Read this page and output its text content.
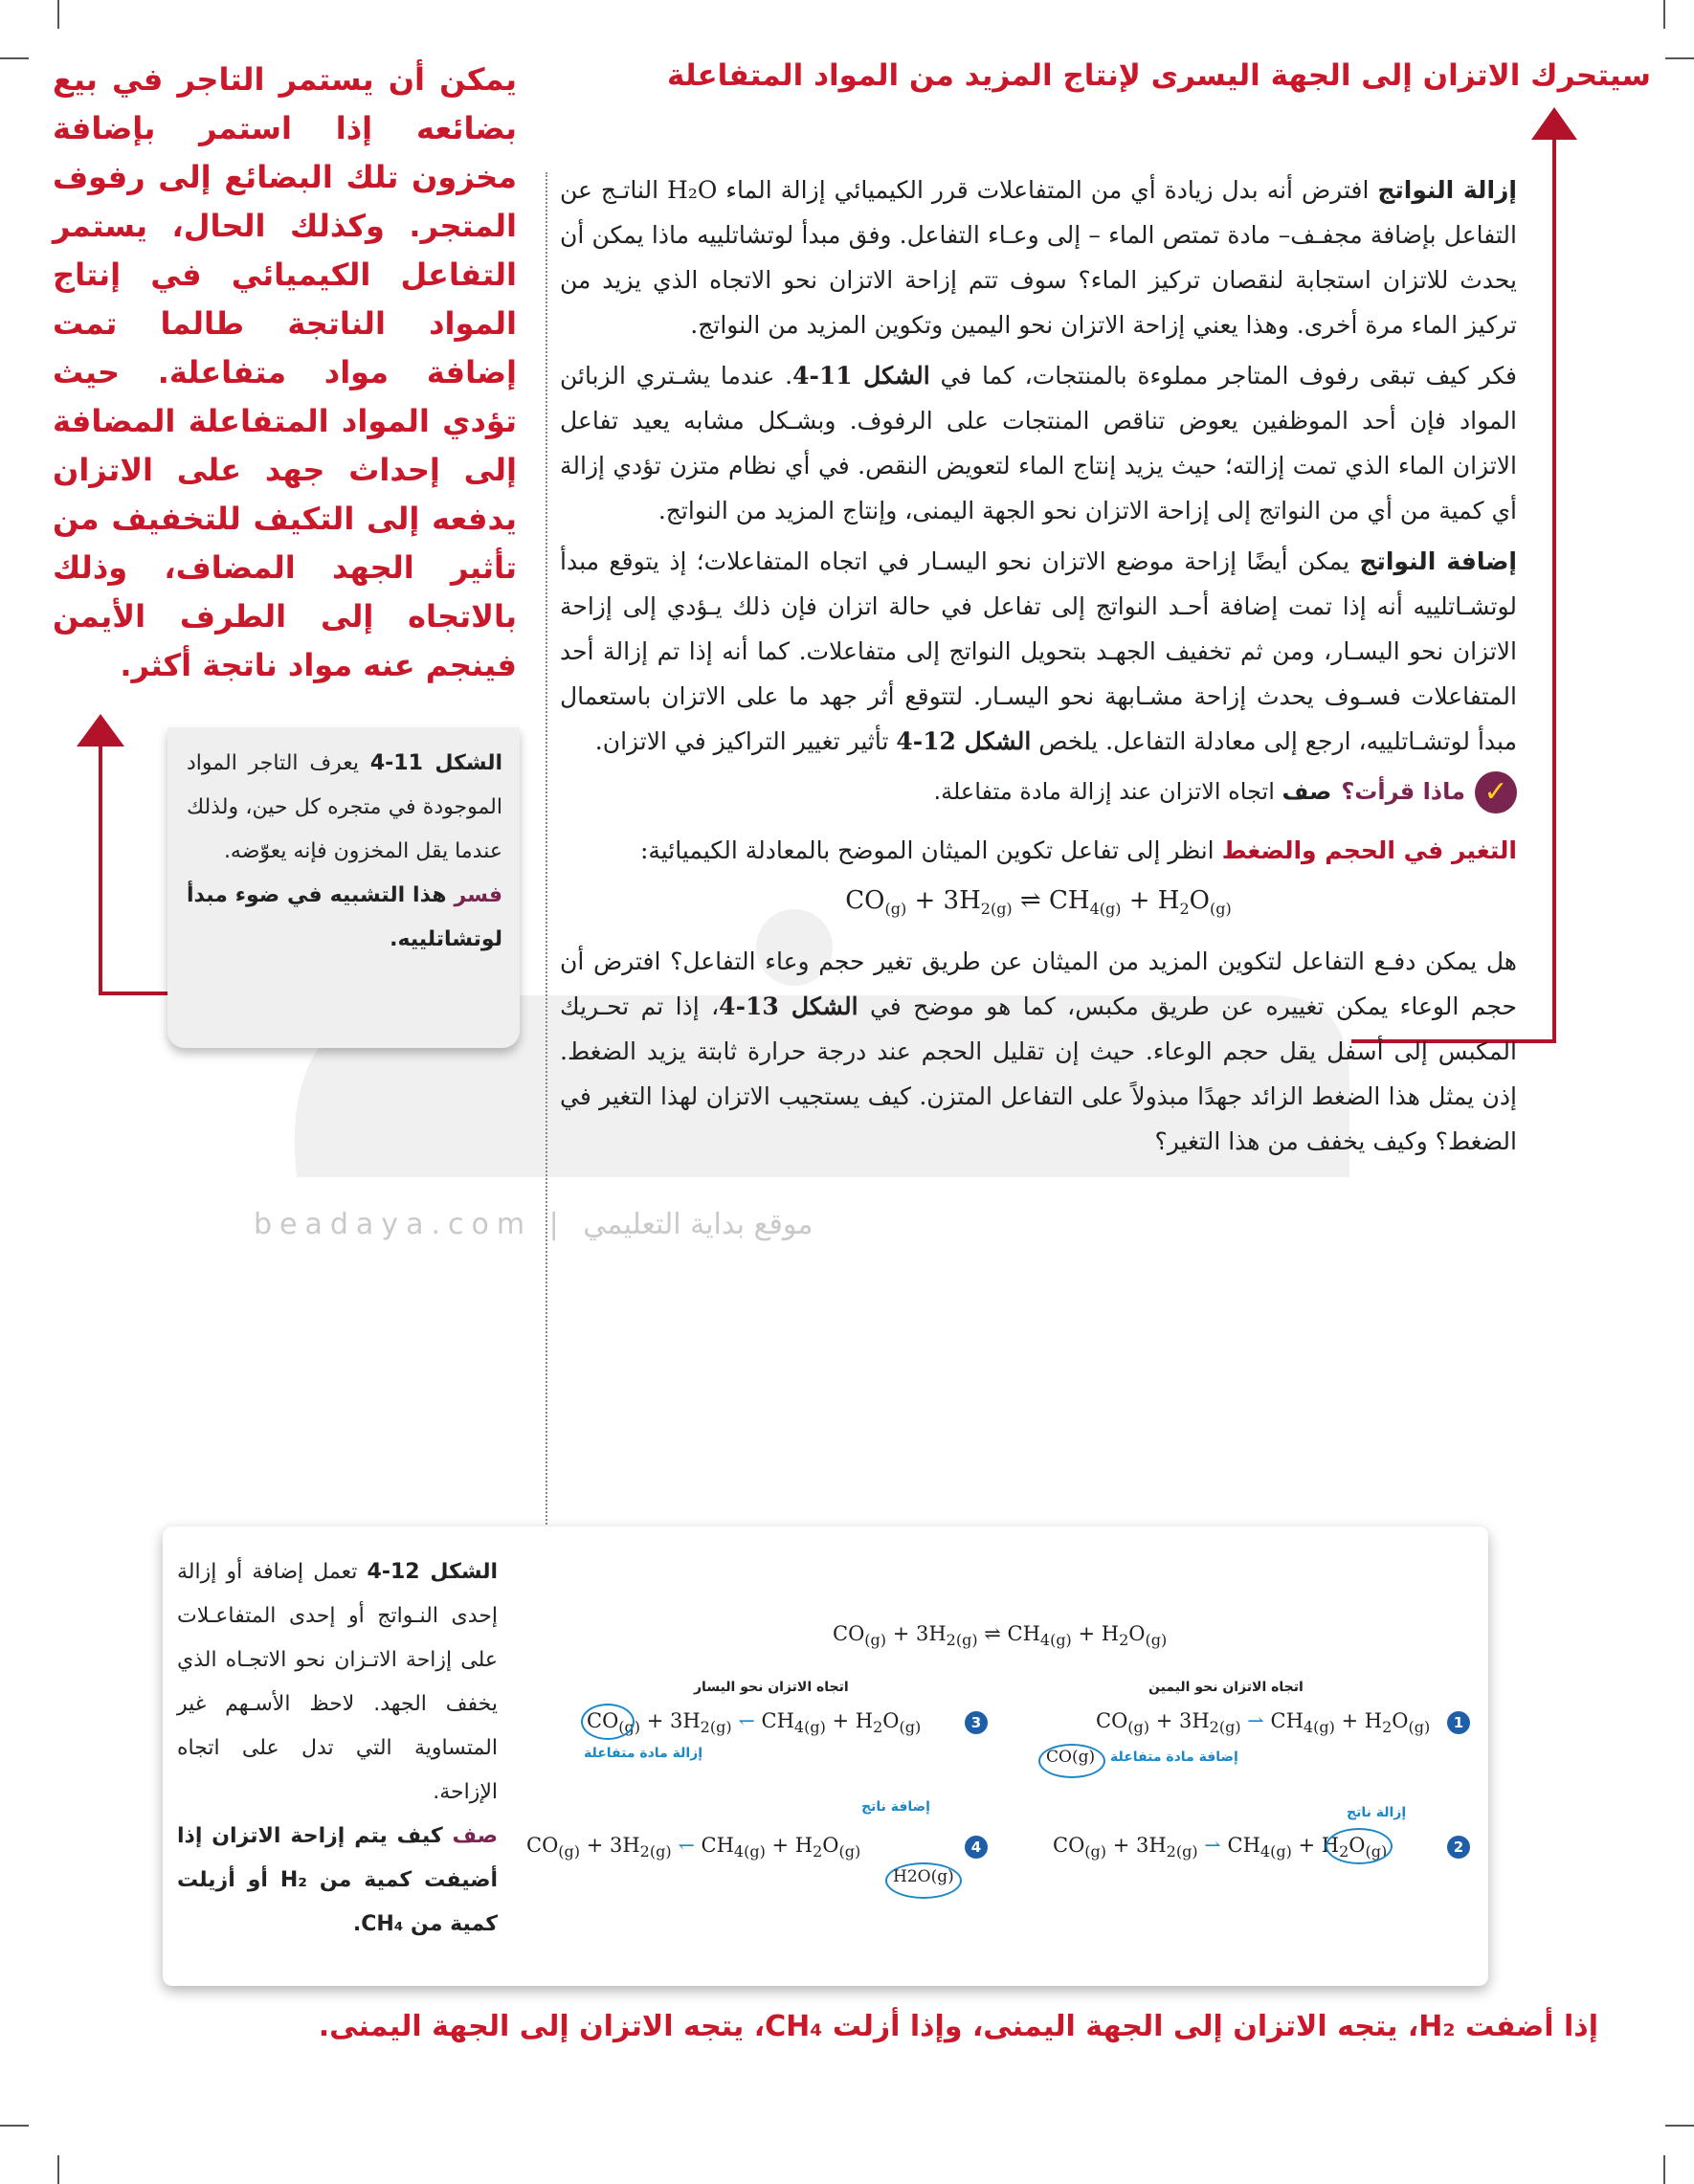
beadaya.com | موقع بداية التعليمي
سيتحرك الاتزان إلى الجهة اليسرى لإنتاج المزيد من المواد المتفاعلة
يمكن أن يستمر التاجر في بيع بضائعه إذا استمر بإضافة مخزون تلك البضائع إلى رفوف المتجر. وكذلك الحال، يستمر التفاعل الكيميائي في إنتاج المواد الناتجة طالما تمت إضافة مواد متفاعلة. حيث تؤدي المواد المتفاعلة المضافة إلى إحداث جهد على الاتزان يدفعه إلى التكيف للتخفيف من تأثير الجهد المضاف، وذلك بالاتجاه إلى الطرف الأيمن فينجم عنه مواد ناتجة أكثر.

إزالة النواتج افترض أنه بدل زيادة أي من المتفاعلات قرر الكيميائي إزالة الماء H₂O الناتـج عن التفاعل بإضافة مجفـف– مادة تمتص الماء – إلى وعـاء التفاعل. وفق مبدأ لوتشاتلييه ماذا يمكن أن يحدث للاتزان استجابة لنقصان تركيز الماء؟ سوف تتم إزاحة الاتزان نحو الاتجاه الذي يزيد من تركيز الماء مرة أخرى. وهذا يعني إزاحة الاتزان نحو اليمين وتكوين المزيد من النواتج.

فكر كيف تبقى رفوف المتاجر مملوءة بالمنتجات، كما في الشكل 11-4. عندما يشـتري الزبائن المواد فإن أحد الموظفين يعوض تناقص المنتجات على الرفوف. وبشـكل مشابه يعيد تفاعل الاتزان الماء الذي تمت إزالته؛ حيث يزيد إنتاج الماء لتعويض النقص. في أي نظام متزن تؤدي إزالة أي كمية من أي من النواتج إلى إزاحة الاتزان نحو الجهة اليمنى، وإنتاج المزيد من النواتج.

إضافة النواتج يمكن أيضًا إزاحة موضع الاتزان نحو اليسـار في اتجاه المتفاعلات؛ إذ يتوقع مبدأ لوتشـاتلييه أنه إذا تمت إضافة أحـد النواتج إلى تفاعل في حالة اتزان فإن ذلك يـؤدي إلى إزاحة الاتزان نحو اليسـار، ومن ثم تخفيف الجهـد بتحويل النواتج إلى متفاعلات. كما أنه إذا تم إزالة أحد المتفاعلات فسـوف يحدث إزاحة مشـابهة نحو اليسـار. لتتوقع أثر جهد ما على الاتزان باستعمال مبدأ لوتشـاتلييه، ارجع إلى معادلة التفاعل. يلخص الشكل 12-4 تأثير تغيير التراكيز في الاتزان.

✓
ماذا قرأت؟
صف اتجاه الاتزان عند إزالة مادة متفاعلة.

التغير في الحجم والضغط انظر إلى تفاعل تكوين الميثان الموضح بالمعادلة الكيميائية:

$CO_{(g)} + 3H_{2(g)}$ ⇌ $CH_{4(g)} + H_2O_{(g)}$

هل يمكن دفـع التفاعل لتكوين المزيد من الميثان عن طريق تغير حجم وعاء التفاعل؟ افترض أن حجم الوعاء يمكن تغييره عن طريق مكبس، كما هو موضح في الشكل 13-4، إذا تم تحـريك المكبس إلى أسفل يقل حجم الوعاء. حيث إن تقليل الحجم عند درجة حرارة ثابتة يزيد الضغط. إذن يمثل هذا الضغط الزائد جهدًا مبذولاً على التفاعل المتزن. كيف يستجيب الاتزان لهذا التغير في الضغط؟ وكيف يخفف من هذا التغير؟

الشكل 11-4 يعرف التاجر المواد الموجودة في متجره كل حين، ولذلك عندما يقل المخزون فإنه يعوّضه.
فسر هذا التشبيه في ضوء مبدأ لوتشاتلييه.
الشكل 12-4 تعمل إضافة أو إزالة إحدى النـواتج أو إحدى المتفاعـلات على إزاحة الاتـزان نحو الاتجـاه الذي يخفف الجهد. لاحظ الأسـهم غير المتساوية التي تدل على اتجاه الإزاحة.
صف كيف يتم إزاحة الاتزان إذا أضيفت كمية من H₂ أو أزيلت كمية من CH₄.
$CO_{(g)} + 3H_{2(g)}$ ⇌ $CH_{4(g)} + H_2O_{(g)}$
اتجاه الاتزان نحو اليمين
اتجاه الاتزان نحو اليسار
1
$CO_{(g)} + 3H_{2(g)}$ ⇀ $CH_{4(g)} + H_2O_{(g)}$
CO(g) إضافة مادة متفاعلة
2
$CO_{(g)} + 3H_{2(g)}$ ⇀ $CH_{4(g)} + H_2O_{(g)}$
إزالة ناتج
3
$CO_{(g)} + 3H_{2(g)}$ ↽ $CH_{4(g)} + H_2O_{(g)}$
إزالة مادة متفاعلة
4
$CO_{(g)} + 3H_{2(g)}$ ↽ $CH_{4(g)} + H_2O_{(g)}$
H2O(g)
إضافة ناتج
إذا أضفت H₂، يتجه الاتزان إلى الجهة اليمنى، وإذا أزلت CH₄، يتجه الاتزان إلى الجهة اليمنى.
